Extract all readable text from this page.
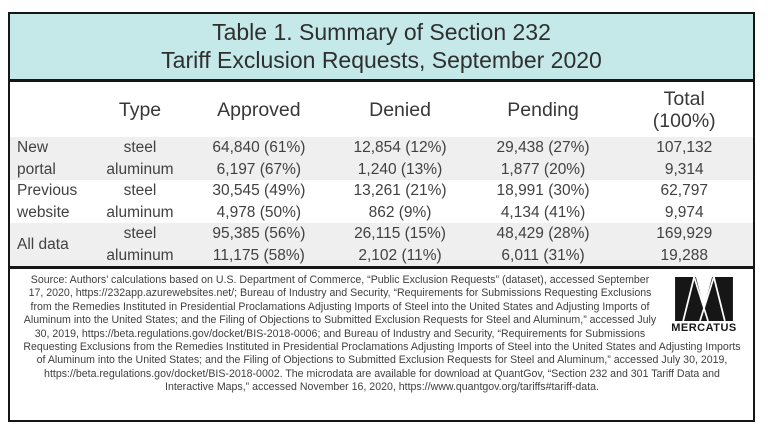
Table 1. Summary of Section 232
Tariff Exclusion Requests, September 2020
	Type	Approved	Denied	Pending	Total
(100%)

New portal	steel	64,840 (61%)	12,854 (12%)	29,438 (27%)	107,132
	aluminum	6,197 (67%)	1,240 (13%)	1,877 (20%)	9,314

Previous website	steel	30,545 (49%)	13,261 (21%)	18,991 (30%)	62,797
	aluminum	4,978 (50%)	862 (9%)	4,134 (41%)	9,974

All data	steel	95,385 (56%)	26,115 (15%)	48,429 (28%)	169,929
	aluminum	11,175 (58%)	2,102 (11%)	6,011 (31%)	19,288
MERCATUS

Source: Authors’ calculations based on U.S. Department of Commerce, “Public Exclusion Requests” (dataset), accessed September 17, 2020, https://232app.azurewebsites.net/; Bureau of Industry and Security, “Requirements for Submissions Requesting Exclusions from the Remedies Instituted in Presidential Proclamations Adjusting Imports of Steel into the United States and Adjusting Imports of Aluminum into the United States; and the Filing of Objections to Submitted Exclusion Requests for Steel and Aluminum,” accessed July 30, 2019, https://beta.regulations.gov/docket/BIS-2018-0006; and Bureau of Industry and Security, “Requirements for Submissions Requesting Exclusions from the Remedies Instituted in Presidential Proclamations Adjusting Imports of Steel into the United States and Adjusting Imports of Aluminum into the United States; and the Filing of Objections to Submitted Exclusion Requests for Steel and Aluminum,” accessed July 30, 2019, https://beta.regulations.gov/docket/BIS-2018-0002. The microdata are available for download at QuantGov, “Section 232 and 301 Tariff Data and Interactive Maps,” accessed November 16, 2020, https://www.quantgov.org/tariffs#tariff-data.
